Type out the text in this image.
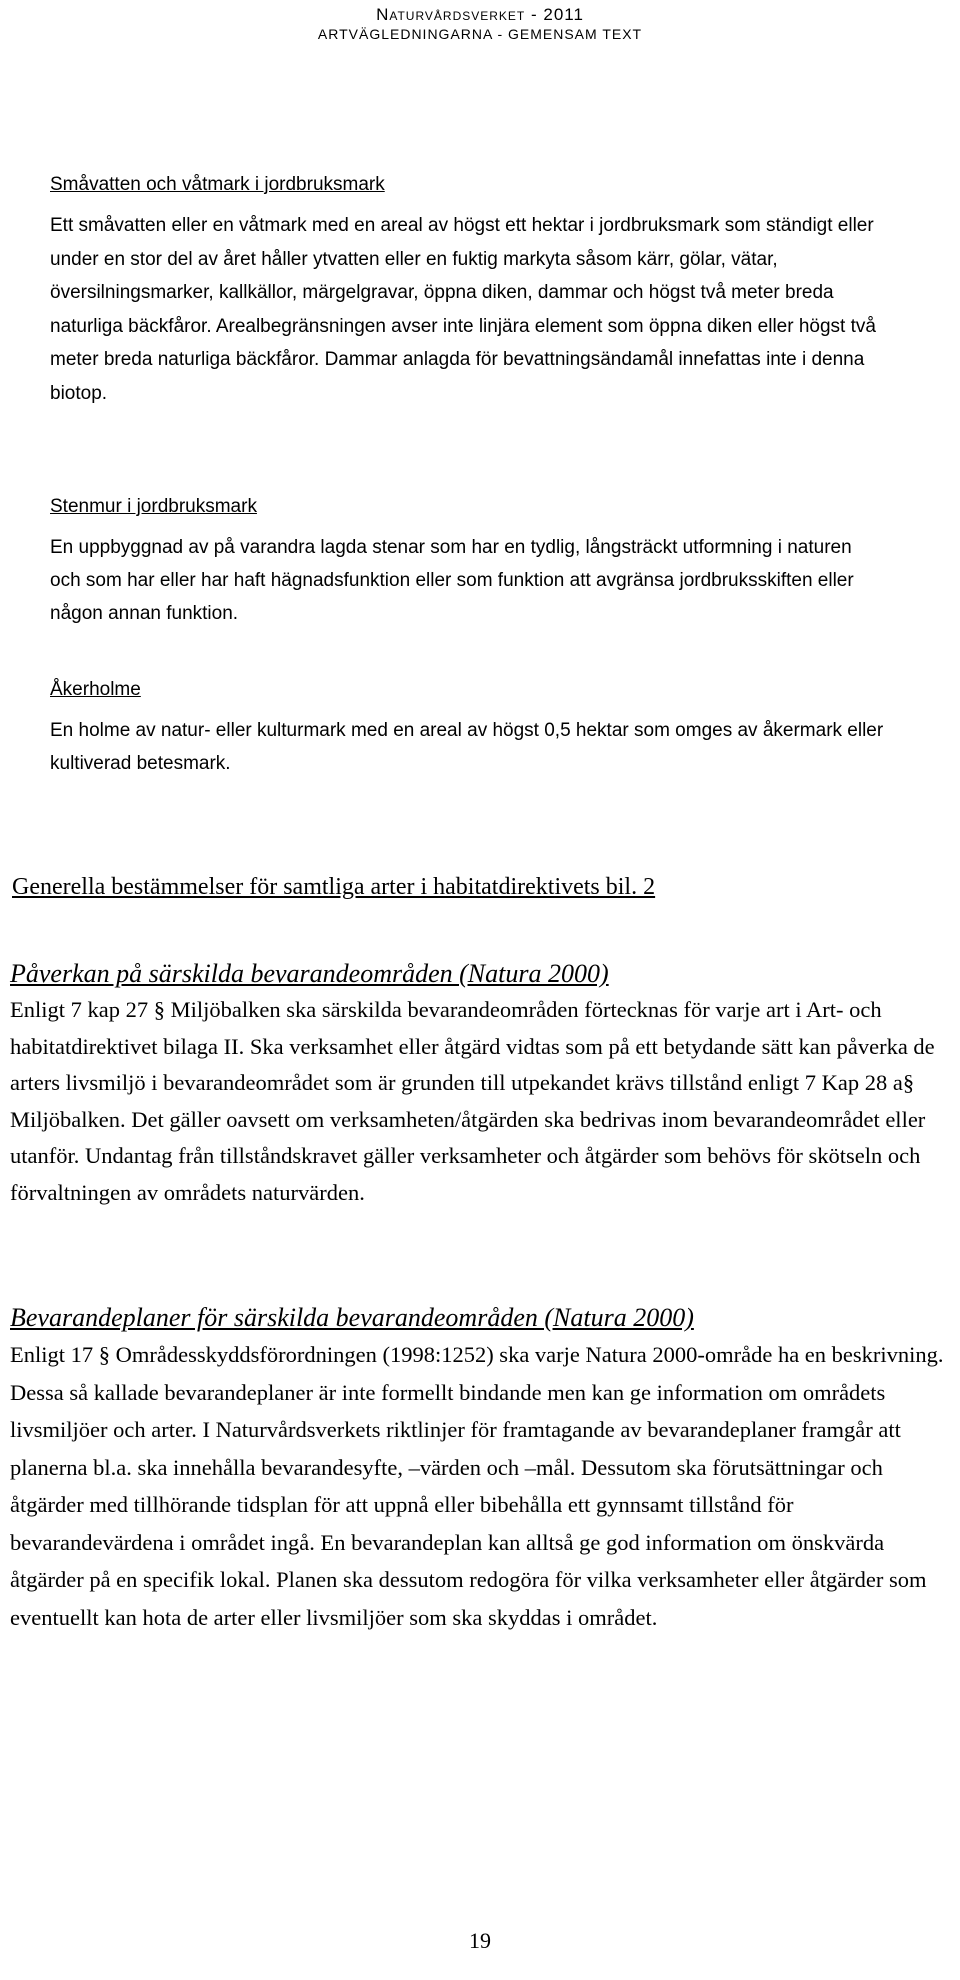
Naturvårdsverket - 2011
ARTVÄGLEDNINGARNA - GEMENSAM TEXT
Småvatten och våtmark i jordbruksmark

Ett småvatten eller en våtmark med en areal av högst ett hektar i jordbruksmark som ständigt eller under en stor del av året håller ytvatten eller en fuktig markyta såsom kärr, gölar, vätar, översilningsmarker, kallkällor, märgelgravar, öppna diken, dammar och högst två meter breda naturliga bäckfåror. Arealbegränsningen avser inte linjära element som öppna diken eller högst två meter breda naturliga bäckfåror. Dammar anlagda för bevattningsändamål innefattas inte i denna biotop.

Stenmur i jordbruksmark

En uppbyggnad av på varandra lagda stenar som har en tydlig, långsträckt utformning i naturen och som har eller har haft hägnadsfunktion eller som funktion att avgränsa jordbruksskiften eller någon annan funktion.

Åkerholme

En holme av natur- eller kulturmark med en areal av högst 0,5 hektar som omges av åkermark eller kultiverad betesmark.

Generella bestämmelser för samtliga arter i habitatdirektivets bil. 2
Påverkan på särskilda bevarandeområden (Natura 2000)

Enligt 7 kap 27 § Miljöbalken ska särskilda bevarandeområden förtecknas för varje art i Art- och habitatdirektivet bilaga II. Ska verksamhet eller åtgärd vidtas som på ett betydande sätt kan påverka de arters livsmiljö i bevarandeområdet som är grunden till utpekandet krävs tillstånd enligt 7 Kap 28 a§ Miljöbalken. Det gäller oavsett om verksamheten/åtgärden ska bedrivas inom bevarandeområdet eller utanför. Undantag från tillståndskravet gäller verksamheter och åtgärder som behövs för skötseln och förvaltningen av områdets naturvärden.

Bevarandeplaner för särskilda bevarandeområden (Natura 2000)

Enligt 17 § Områdesskyddsförordningen (1998:1252) ska varje Natura 2000-område ha en beskrivning. Dessa så kallade bevarandeplaner är inte formellt bindande men kan ge information om områdets livsmiljöer och arter. I Naturvårdsverkets riktlinjer för framtagande av bevarandeplaner framgår att planerna bl.a. ska innehålla bevarandesyfte, –värden och –mål. Dessutom ska förutsättningar och åtgärder med tillhörande tidsplan för att uppnå eller bibehålla ett gynnsamt tillstånd för bevarandevärdena i området ingå. En bevarandeplan kan alltså ge god information om önskvärda åtgärder på en specifik lokal. Planen ska dessutom redogöra för vilka verksamheter eller åtgärder som eventuellt kan hota de arter eller livsmiljöer som ska skyddas i området.

19
